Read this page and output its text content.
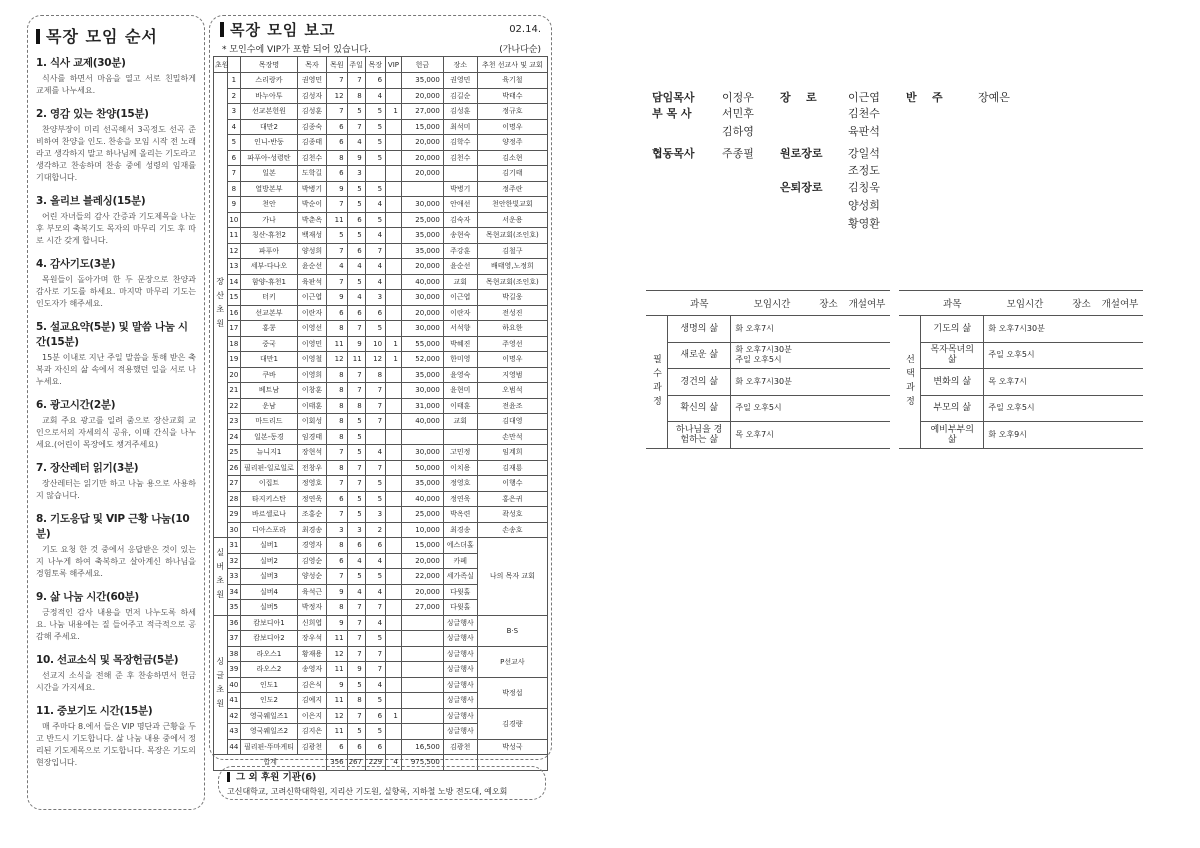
목장 모임 순서
1. 식사 교제(30분)
식사를 하면서 마음을 열고 서로 친밀하게 교제를 나누세요.
2. 영감 있는 찬양(15분)
찬양부장이 미리 선곡해서 3곡정도 선곡 준비하여 찬양을 인도. 찬송을 모임 시작 전 노래라고 생각하지 말고 하나님께 올리는 기도라고 생각하고 찬송하며 찬송 중에 성령의 임재를 기대합니다.
3. 올리브 블레싱(15분)
어린 자녀들의 감사 간증과 기도제목을 나눈 후 부모의 축복기도 목자의 마무리 기도 후 따로 시간 갖게 합니다.
4. 감사기도(3분)
목원들이 돌아가며 한 두 문장으로 찬양과 감사로 기도를 하세요. 마지막 마무리 기도는 인도자가 해주세요.
5. 설교요약(5분) 및 말씀 나눔 시간(15분)
15분 이내로 지난 주일 말씀을 통해 받은 축복과 자신의 삶 속에서 적용했던 일을 서로 나누세요.
6. 광고시간(2분)
교회 주요 광고를 일려 줌으로 장산교회 교인으로서의 자세의식 공유, 이때 간식을 나누세요.(어린이 목장에도 챙겨주세요)
7. 장산레터 읽기(3분)
장산레터는 읽기만 하고 나눔 용으로 사용하지 않습니다.
8. 기도응답 및 VIP 근황 나눔(10분)
기도 요청 한 것 중에서 응답받은 것이 있는지 나누게 하여 축복하고 살아계신 하나님을 경험토록 해주세요.
9. 삶 나눔 시간(60분)
긍정적인 감사 내용을 먼저 나누도록 하세요. 나눔 내용에는 질 들어주고 적극적으로 공감해 주세요.
10. 선교소식 및 목장헌금(5분)
선교지 소식을 전해 준 후 찬송하면서 헌금시간을 가지세요.
11. 중보기도 시간(15분)
매 주마다 8.에서 들은 VIP 명단과 근황을 두고 반드시 기도합니다. 삶 나눔 내용 중에서 정리된 기도제목으로 기도합니다. 목장은 기도의 현장입니다.
목장 모임 보고	02.14.
* 모인수에 VIP가 포함 되어 있습니다.	(가나다순)
초원		목장명	목자	목원	주일	목장	VIP	헌금	장소	추천 선교사 및 교회
장산초원	1	스리랑카	권영민	7	7	6		35,000	권영민	육기철
	2	바누아투	김성자	12	8	4		20,000	김길순	박태수
	3	선교본헌원	김성훈	7	5	5	1	27,000	김성훈	정규호
	4	대만2	김종숙	6	7	5		15,000	최석미	이명우
	5	인니-반둥	김종태	6	4	5		20,000	김학수	양정주
	6	파푸아-성령탄	김천수	8	9	5		20,000	김천수	김소현
	7	일본	도학길	6	3			20,000		김기태
	8	열방본부	박병기	9	5	5			박병기	정주란
	9	천안	박순이	7	5	4		30,000	안애선	천안한빛교회
	10	가나	박춘옥	11	6	5		25,000	김숙자	서운용
	11	칭산-휴천2	백재성	5	5	4		35,000	송현숙	목현교회(조인호)
	12	파푸아	양성희	7	6	7		35,000	주강훈	김철구
	13	세부-다나오	윤순선	4	4	4		20,000	윤순선	배태영,노정희
	14	함양-휴천1	육판석	7	5	4		40,000	교회	목현교회(조인호)
	15	터키	이근엽	9	4	3		30,000	이근엽	박길웅
	16	선교본부	이란자	6	6	6		20,000	이란자	전성진
	17	홍콩	이영선	8	7	5		30,000	서석향	하요한
	18	중국	이영민	11	9	10	1	55,000	박혜진	주영선
	19	대만1	이영철	12	11	12	1	52,000	한미영	이명우
	20	쿠바	이영희	8	7	8		35,000	윤영숙	지영범
	21	베트남	이창훈	8	7	7		30,000	윤현미	오범석
	22	운남	이태훈	8	8	7		31,000	이태훈	전윤조
	23	마드리드	이회성	8	5	7		40,000	교회	김대영
	24	일본-동경	임경태	8	5					손만석
	25	뉴니지1	장현석	7	5	4		30,000	고민정	임계희
	26	필리핀-일로일로	전창우	8	7	7		50,000	이치용	김재룡
	27	이집트	정영호	7	7	5		35,000	정영호	이행수
	28	타지키스탄	정연욱	6	5	5		40,000	정연욱	홍은귀
	29	바르셀로나	조홍순	7	5	3		25,000	박옥련	곽성호
	30	디아스포라	최경송	3	3	2		10,000	최경송	손송호
실버초원	31	실버1	경영자	8	6	6		15,000	에스더홀	나의 목자 교회
	32	실버2	김영순	6	4	4		20,000	카페	
	33	실버3	양성순	7	5	5		22,000	세가족실	
	34	실버4	육석근	9	4	4		20,000	다윗홀	
	35	실버5	박정자	8	7	7		27,000	다윗홀	
싱글초원	36	캄보디아1	신희엽	9	7	4			싱글행사	B·S
	37	캄보디아2	장우석	11	7	5			싱글행사	
	38	라오스1	황재용	12	7	7			싱글행사	P선교사
	39	라오스2	송영자	11	9	7			싱글행사	
	40	인도1	김은식	9	5	4			싱글행사	박정섭
	41	인도2	김예지	11	8	5			싱글행사	
	42	영국웨일즈1	이은지	12	7	6	1		싱글행사	김경량
	43	영국웨일즈2	김지은	11	5	5			싱글행사	
	44	필리핀-뚜마게티	김광천	6	6	6		16,500	김광천	박성국
합계				356	267	229	4	975,500		
그 외 후원 기관(6)
고신대학교, 고려신학대학원, 지리산 기도원, 실향록, 지하철 노방 전도대, 예오회
담임목사	이정우
부 목 사	서민후
김하영
협동목사	주종필
장    로	이근엽
김천수
육판석
원로장로	강일석
조정도
은퇴장로	김칭욱
양성희
황영환
반    주	장예은
	과목	모임시간	장소	개설여부
필수과정	생명의 삶	화 오후7시		
	새로운 삶	화 오후7시30분
주일 오후5시		
	경건의 삶	화 오후7시30분		
	확신의 삶	주일 오후5시		
	하나님을 경험하는 삶	목 오후7시		
	과목	모임시간	장소	개설여부
선택과정	기도의 삶	화 오후7시30분		
	목자목녀의 삶	주일 오후5시		
	변화의 삶	목 오후7시		
	부모의 삶	주일 오후5시		
	예비부부의 삶	화 오후9시		
